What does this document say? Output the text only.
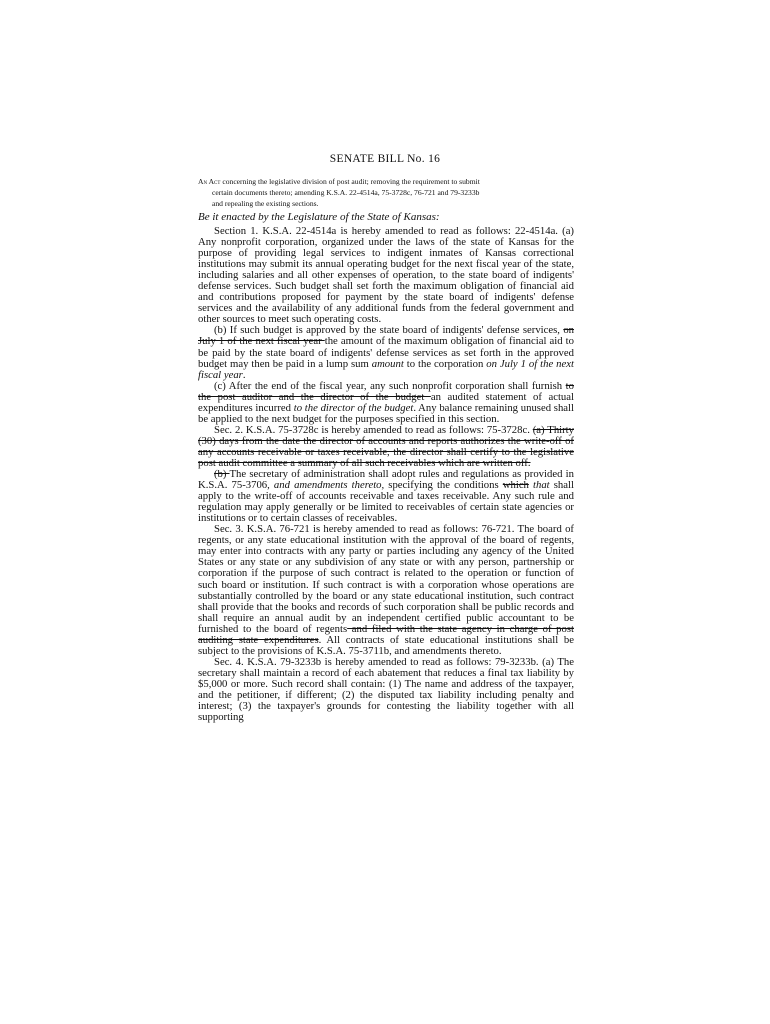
SENATE BILL No. 16

An Act concerning the legislative division of post audit; removing the requirement to submit

certain documents thereto; amending K.S.A. 22-4514a, 75-3728c, 76-721 and 79-3233b

and repealing the existing sections.

Be it enacted by the Legislature of the State of Kansas:

Section 1. K.S.A. 22-4514a is hereby amended to read as follows: 22-4514a. (a) Any nonprofit corporation, organized under the laws of the state of Kansas for the purpose of providing legal services to indigent inmates of Kansas correctional institutions may submit its annual operating budget for the next fiscal year of the state, including salaries and all other expenses of operation, to the state board of indigents' defense services. Such budget shall set forth the maximum obligation of financial aid and contributions proposed for payment by the state board of indigents' defense services and the availability of any additional funds from the federal government and other sources to meet such operating costs.

(b) If such budget is approved by the state board of indigents' defense services, on July 1 of the next fiscal year the amount of the maximum obligation of financial aid to be paid by the state board of indigents' defense services as set forth in the approved budget may then be paid in a lump sum amount to the corporation on July 1 of the next fiscal year.

(c) After the end of the fiscal year, any such nonprofit corporation shall furnish to the post auditor and the director of the budget an audited statement of actual expenditures incurred to the director of the budget. Any balance remaining unused shall be applied to the next budget for the purposes specified in this section.

Sec. 2. K.S.A. 75-3728c is hereby amended to read as follows: 75-3728c. (a) Thirty (30) days from the date the director of accounts and reports authorizes the write-off of any accounts receivable or taxes receivable, the director shall certify to the legislative post audit committee a summary of all such receivables which are written off.

(b) The secretary of administration shall adopt rules and regulations as provided in K.S.A. 75-3706, and amendments thereto, specifying the conditions which that shall apply to the write-off of accounts receivable and taxes receivable. Any such rule and regulation may apply generally or be limited to receivables of certain state agencies or institutions or to certain classes of receivables.

Sec. 3. K.S.A. 76-721 is hereby amended to read as follows: 76-721. The board of regents, or any state educational institution with the approval of the board of regents, may enter into contracts with any party or parties including any agency of the United States or any state or any subdivision of any state or with any person, partnership or corporation if the purpose of such contract is related to the operation or function of such board or institution. If such contract is with a corporation whose operations are substantially controlled by the board or any state educational institution, such contract shall provide that the books and records of such corporation shall be public records and shall require an annual audit by an independent certified public accountant to be furnished to the board of regents and filed with the state agency in charge of post auditing state expenditures. All contracts of state educational institutions shall be subject to the provisions of K.S.A. 75-3711b, and amendments thereto.

Sec. 4. K.S.A. 79-3233b is hereby amended to read as follows: 79-3233b. (a) The secretary shall maintain a record of each abatement that reduces a final tax liability by $5,000 or more. Such record shall contain: (1) The name and address of the taxpayer, and the petitioner, if different; (2) the disputed tax liability including penalty and interest; (3) the taxpayer's grounds for contesting the liability together with all supporting
